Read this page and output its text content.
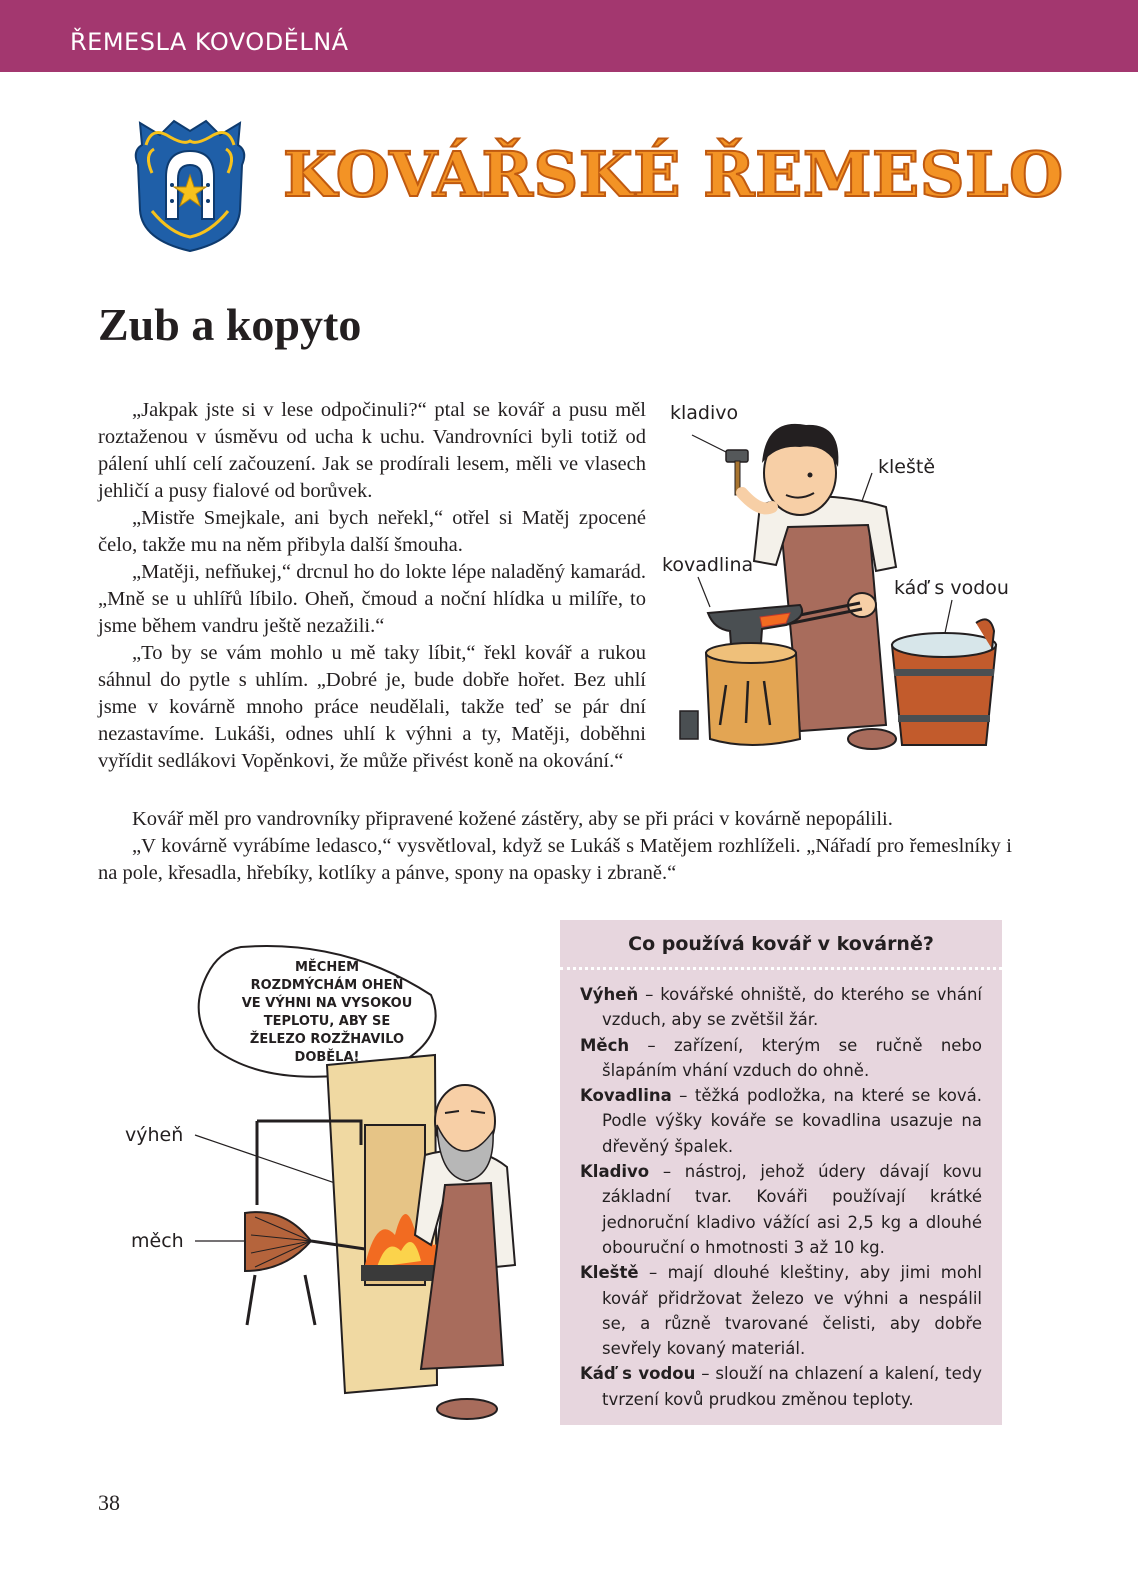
ŘEMESLA KOVODĚLNÁ
KOVÁŘSKÉ ŘEMESLO
Zub a kopyto

„Jakpak jste si v lese odpočinuli?“ ptal se kovář a pusu měl roztaženou v úsměvu od ucha k uchu. Vandrovníci byli totiž od pálení uhlí celí začouzení. Jak se prodírali lesem, měli ve vlasech jehličí a pusy fialové od borůvek.

„Mistře Smejkale, ani bych neřekl,“ otřel si Matěj zpocené čelo, takže mu na něm přibyla další šmouha.

„Matěji, nefňukej,“ drcnul ho do lokte lépe naladěný kamarád. „Mně se u uhlířů líbilo. Oheň, čmoud a noční hlídka u milíře, to jsme během vandru ještě nezažili.“

„To by se vám mohlo u mě taky líbit,“ řekl kovář a rukou sáhnul do pytle s uhlím. „Dobré je, bude dobře hořet. Bez uhlí jsme v kovárně mnoho práce neudělali, takže teď se pár dní nezastavíme. Lukáši, odnes uhlí k výhni a ty, Matěji, doběhni vyřídit sedlákovi Vopěnkovi, že může přivést koně na okování.“

Kovář měl pro vandrovníky připravené kožené zástěry, aby se při práci v kovárně nepopálili.

„V kovárně vyrábíme ledasco,“ vysvětloval, když se Lukáš s Matějem rozhlíželi. „Nářadí pro řemeslníky i na pole, křesadla, hřebíky, kotlíky a pánve, spony na opasky i zbraně.“

kladivo
kleště
kovadlina
káď s vodou
MĚCHEM
ROZDMÝCHÁM OHEŇ
VE VÝHNI NA VYSOKOU
TEPLOTU, ABY SE
ŽELEZO ROZŽHAVILO
DOBĚLA!
výheň
měch
Co používá kovář v kovárně?
Výheň – kovářské ohniště, do kterého se vhání vzduch, aby se zvětšil žár.
Měch – zařízení, kterým se ručně nebo šlapáním vhání vzduch do ohně.
Kovadlina – těžká podložka, na které se ková. Podle výšky kováře se kovadlina usazuje na dřevěný špalek.
Kladivo – nástroj, jehož údery dávají kovu základní tvar. Kováři používají krátké jednoruční kladivo vážící asi 2,5 kg a dlouhé obouruční o hmotnosti 3 až 10 kg.
Kleště – mají dlouhé kleštiny, aby jimi mohl kovář přidržovat železo ve výhni a nespálil se, a různě tvarované čelisti, aby dobře sevřely kovaný materiál.
Káď s vodou – slouží na chlazení a kalení, tedy tvrzení kovů prudkou změnou teploty.
38
